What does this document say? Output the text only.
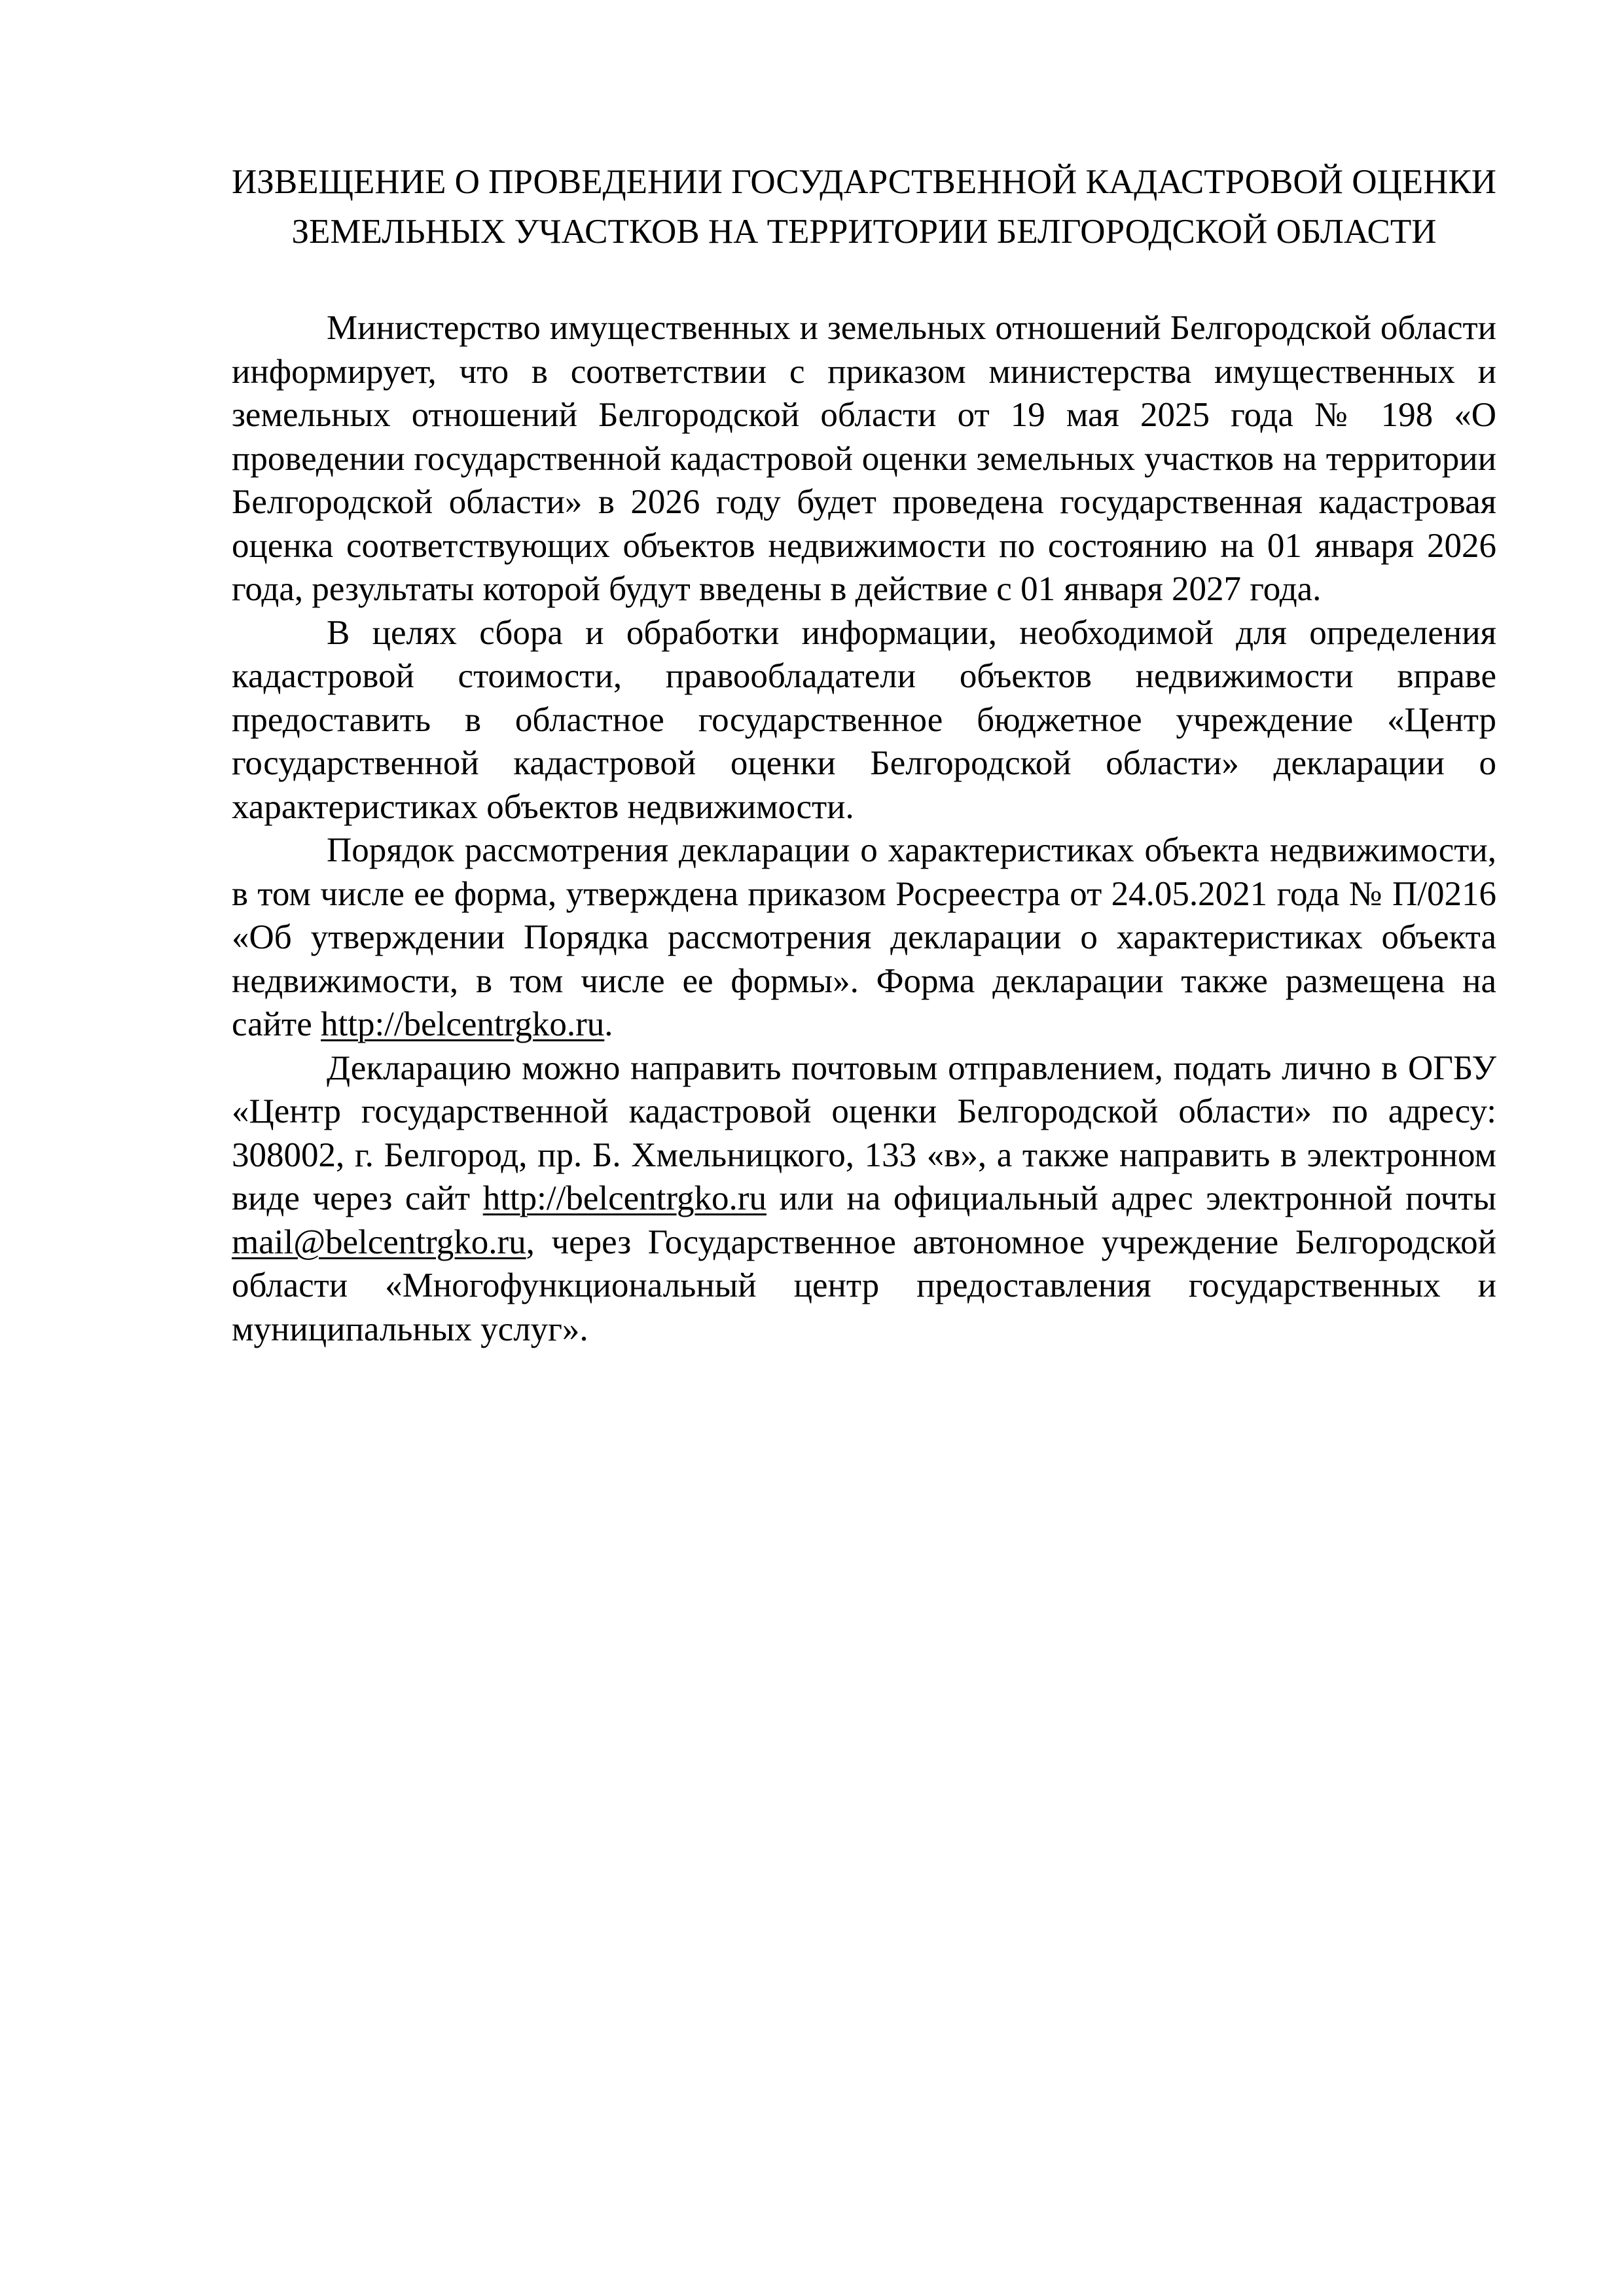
ИЗВЕЩЕНИЕ О ПРОВЕДЕНИИ ГОСУДАРСТВЕННОЙ КАДАСТРОВОЙ ОЦЕНКИ ЗЕМЕЛЬНЫХ УЧАСТКОВ НА ТЕРРИТОРИИ БЕЛГОРОДСКОЙ ОБЛАСТИ

Министерство имущественных и земельных отношений Белгородской области информирует, что в соответствии с приказом министерства имущественных и земельных отношений Белгородской области от 19 мая 2025 года № 198 «О проведении государственной кадастровой оценки земельных участков на территории Белгородской области» в 2026 году будет проведена государственная кадастровая оценка соответствующих объектов недвижимости по состоянию на 01 января 2026 года, результаты которой будут введены в действие с 01 января 2027 года.

В целях сбора и обработки информации, необходимой для определения кадастровой стоимости, правообладатели объектов недвижимости вправе предоставить в областное государственное бюджетное учреждение «Центр государственной кадастровой оценки Белгородской области» декларации о характеристиках объектов недвижимости.

Порядок рассмотрения декларации о характеристиках объекта недвижимости, в том числе ее форма, утверждена приказом Росреестра от 24.05.2021 года № П/0216 «Об утверждении Порядка рассмотрения декларации о характеристиках объекта недвижимости, в том числе ее формы». Форма декларации также размещена на сайте http://belcentrgko.ru.

Декларацию можно направить почтовым отправлением, подать лично в ОГБУ «Центр государственной кадастровой оценки Белгородской области» по адресу: 308002, г. Белгород, пр. Б. Хмельницкого, 133 «в», а также направить в электронном виде через сайт http://belcentrgko.ru или на официальный адрес электронной почты mail@belcentrgko.ru, через Государственное автономное учреждение Белгородской области «Многофункциональный центр предоставления государственных и муниципальных услуг».
